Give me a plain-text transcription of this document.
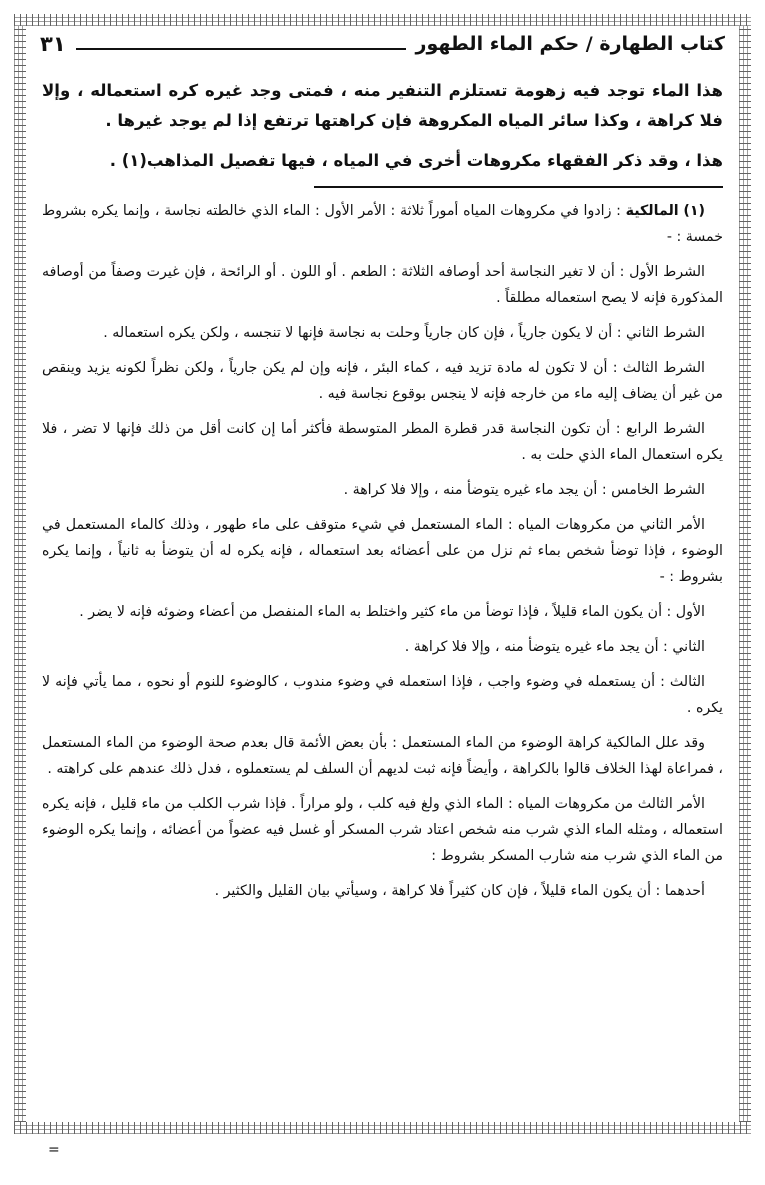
كتاب الطهارة / حكم الماء الطهور
٣١

هذا الماء توجد فيه زهومة تستلزم التنفير منه ، فمتى وجد غيره كره استعماله ، وإلا فلا كراهة ، وكذا سائر المياه المكروهة فإن كراهتها ترتفع إذا لم يوجد غيرها .

هذا ، وقد ذكر الفقهاء مكروهات أخرى في المياه ، فيها تفصيل المذاهب(١) .

(١) المالكية : زادوا في مكروهات المياه أموراً ثلاثة : الأمر الأول : الماء الذي خالطته نجاسة ، وإنما يكره بشروط خمسة : -

الشرط الأول : أن لا تغير النجاسة أحد أوصافه الثلاثة : الطعم . أو اللون . أو الرائحة ، فإن غيرت وصفاً من أوصافه المذكورة فإنه لا يصح استعماله مطلقاً .

الشرط الثاني : أن لا يكون جارياً ، فإن كان جارياً وحلت به نجاسة فإنها لا تنجسه ، ولكن يكره استعماله .

الشرط الثالث : أن لا تكون له مادة تزيد فيه ، كماء البئر ، فإنه وإن لم يكن جارياً ، ولكن نظراً لكونه يزيد وينقص من غير أن يضاف إليه ماء من خارجه فإنه لا ينجس بوقوع نجاسة فيه .

الشرط الرابع : أن تكون النجاسة قدر قطرة المطر المتوسطة فأكثر أما إن كانت أقل من ذلك فإنها لا تضر ، فلا يكره استعمال الماء الذي حلت به .

الشرط الخامس : أن يجد ماء غيره يتوضأ منه ، وإلا فلا كراهة .

الأمر الثاني من مكروهات المياه : الماء المستعمل في شيء متوقف على ماء طهور ، وذلك كالماء المستعمل في الوضوء ، فإذا توضأ شخص بماء ثم نزل من على أعضائه بعد استعماله ، فإنه يكره له أن يتوضأ به ثانياً ، وإنما يكره بشروط : -

الأول : أن يكون الماء قليلاً ، فإذا توضأ من ماء كثير واختلط به الماء المنفصل من أعضاء وضوئه فإنه لا يضر .

الثاني : أن يجد ماء غيره يتوضأ منه ، وإلا فلا كراهة .

الثالث : أن يستعمله في وضوء واجب ، فإذا استعمله في وضوء مندوب ، كالوضوء للنوم أو نحوه ، مما يأتي فإنه لا يكره .

وقد علل المالكية كراهة الوضوء من الماء المستعمل : بأن بعض الأئمة قال بعدم صحة الوضوء من الماء المستعمل ، فمراعاة لهذا الخلاف قالوا بالكراهة ، وأيضاً فإنه ثبت لديهم أن السلف لم يستعملوه ، فدل ذلك عندهم على كراهته .

الأمر الثالث من مكروهات المياه : الماء الذي ولغ فيه كلب ، ولو مراراً . فإذا شرب الكلب من ماء قليل ، فإنه يكره استعماله ، ومثله الماء الذي شرب منه شخص اعتاد شرب المسكر أو غسل فيه عضواً من أعضائه ، وإنما يكره الوضوء من الماء الذي شرب منه شارب المسكر بشروط :

أحدهما : أن يكون الماء قليلاً ، فإن كان كثيراً فلا كراهة ، وسيأتي بيان القليل والكثير .

=
